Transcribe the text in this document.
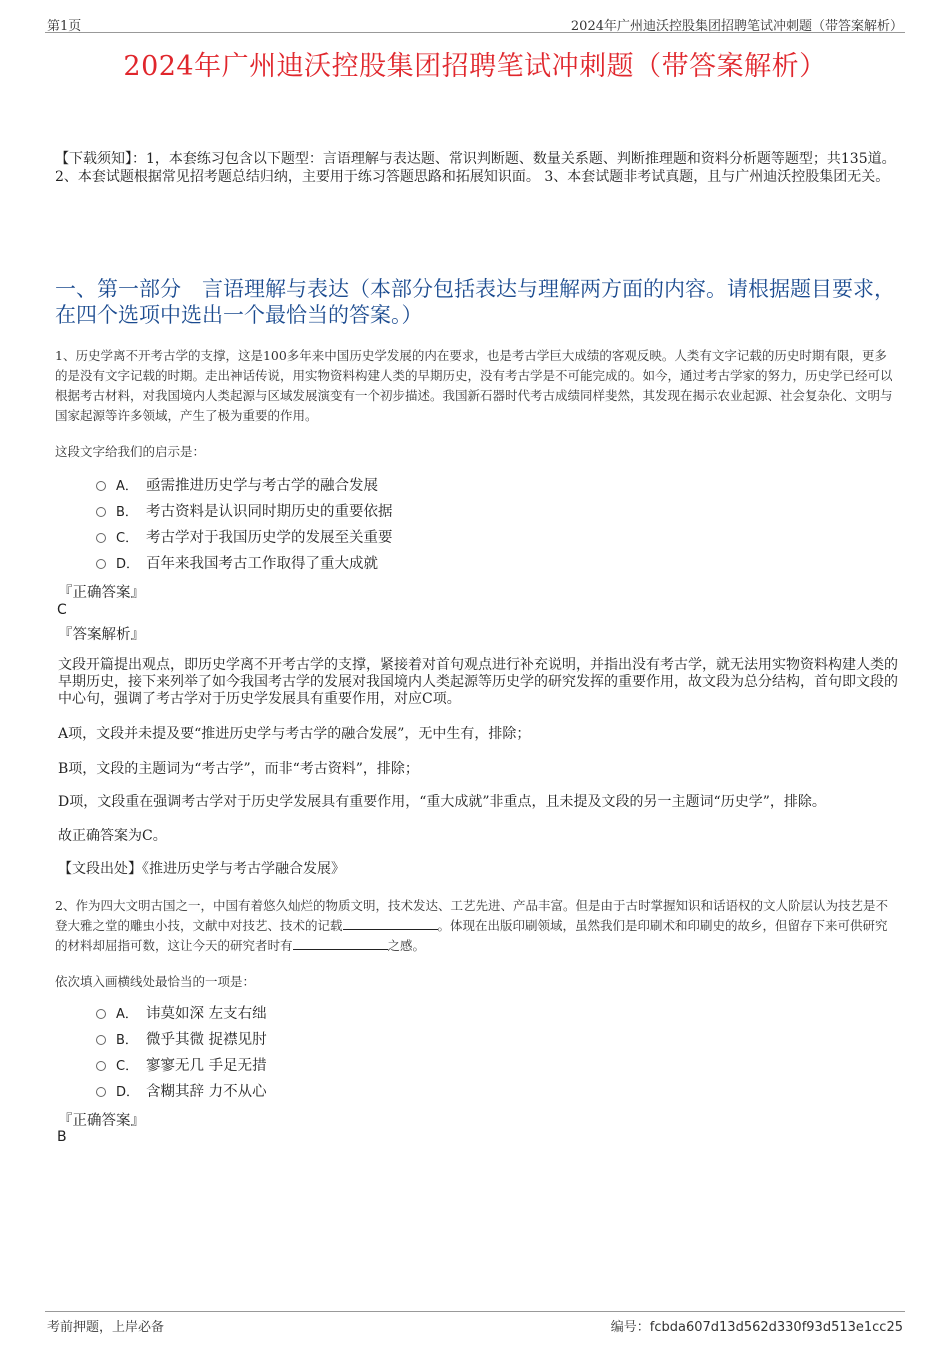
第1页	2024年广州迪沃控股集团招聘笔试冲刺题（带答案解析）
2024年广州迪沃控股集团招聘笔试冲刺题（带答案解析）
【下载须知】：1，本套练习包含以下题型：言语理解与表达题、常识判断题、数量关系题、判断推理题和资料分析题等题型；共135道。 2、本套试题根据常见招考题总结归纳，主要用于练习答题思路和拓展知识面。 3、本套试题非考试真题，且与广州迪沃控股集团无关。
一、第一部分　言语理解与表达（本部分包括表达与理解两方面的内容。请根据题目要求，在四个选项中选出一个最恰当的答案。）
1、历史学离不开考古学的支撑，这是100多年来中国历史学发展的内在要求，也是考古学巨大成绩的客观反映。人类有文字记载的历史时期有限，更多的是没有文字记载的时期。走出神话传说，用实物资料构建人类的早期历史，没有考古学是不可能完成的。如今，通过考古学家的努力，历史学已经可以根据考古材料，对我国境内人类起源与区域发展演变有一个初步描述。我国新石器时代考古成绩同样斐然，其发现在揭示农业起源、社会复杂化、文明与国家起源等许多领域，产生了极为重要的作用。
这段文字给我们的启示是：
A． 亟需推进历史学与考古学的融合发展
B． 考古资料是认识同时期历史的重要依据
C． 考古学对于我国历史学的发展至关重要
D． 百年来我国考古工作取得了重大成就
『正确答案』
C
『答案解析』
文段开篇提出观点，即历史学离不开考古学的支撑，紧接着对首句观点进行补充说明，并指出没有考古学，就无法用实物资料构建人类的早期历史，接下来列举了如今我国考古学的发展对我国境内人类起源等历史学的研究发挥的重要作用，故文段为总分结构，首句即文段的中心句，强调了考古学对于历史学发展具有重要作用，对应C项。
A项，文段并未提及要“推进历史学与考古学的融合发展”，无中生有，排除；
B项，文段的主题词为“考古学”，而非“考古资料”，排除；
D项，文段重在强调考古学对于历史学发展具有重要作用，“重大成就”非重点，且未提及文段的另一主题词“历史学”，排除。
故正确答案为C。
【文段出处】《推进历史学与考古学融合发展》
2、作为四大文明古国之一，中国有着悠久灿烂的物质文明，技术发达、工艺先进、产品丰富。但是由于古时掌握知识和话语权的文人阶层认为技艺是不登大雅之堂的雕虫小技，文献中对技艺、技术的记载	。体现在出版印刷领域，虽然我们是印刷术和印刷史的故乡，但留存下来可供研究的材料却屈指可数，这让今天的研究者时有	之感。
依次填入画横线处最恰当的一项是：
A． 讳莫如深 左支右绌
B． 微乎其微 捉襟见肘
C． 寥寥无几 手足无措
D． 含糊其辞 力不从心
『正确答案』
B
考前押题，上岸必备	编号：fcbda607d13d562d330f93d513e1cc25
